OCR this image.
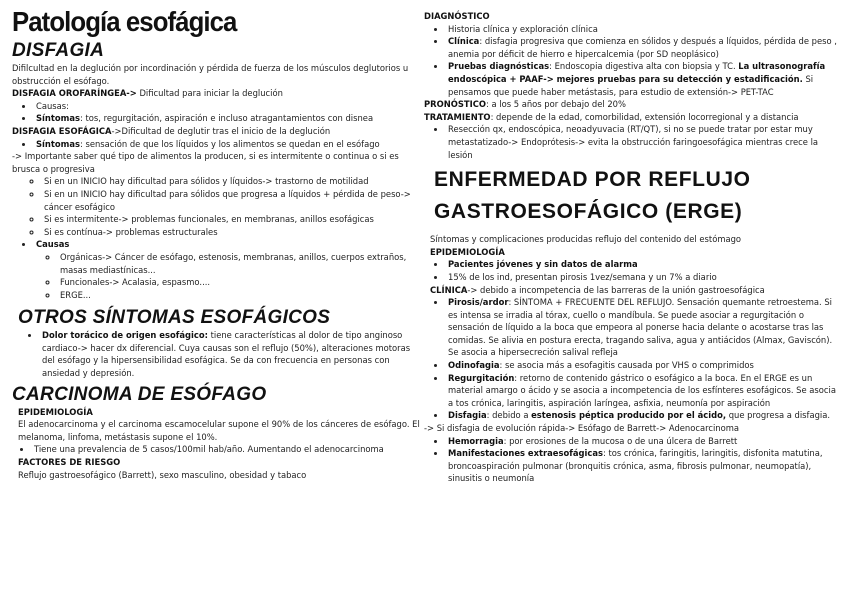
Patología esofágica
DISFAGIA

Difilcultad en la deglución por incordinación y pérdida de fuerza de los músculos deglutorios u obstrucción el esófago.

DISFAGIA OROFARÍNGEA-> Dificultad para iniciar la deglución

• Causas:
• Síntomas: tos, regurgitación, aspiración e incluso atragantamientos con disnea

DISFAGIA ESOFÁGICA->Dificultad de deglutir tras el inicio de la deglución

• Síntomas: sensación de que los líquidos y los alimentos se quedan en el esófago

-> Importante saber qué tipo de alimentos la producen, si es intermitente o continua o si es brusca o progresiva

◦ Si en un INICIO hay dificultad para sólidos y líquidos-> trastorno de motilidad
◦ Si en un INICIO hay dificultad para sólidos que progresa a líquidos + pérdida de peso-> cáncer esofágico
◦ Si es intermitente-> problemas funcionales, en membranas, anillos esofágicas
◦ Si es contínua-> problemas estructurales
• Causas
◦ Orgánicas-> Cáncer de esófago, estenosis, membranas, anillos, cuerpos extraños, masas mediastínicas...
◦ Funcionales-> Acalasia, espasmo....
◦ ERGE...
OTROS SÍNTOMAS ESOFÁGICOS
• Dolor torácico de origen esofágico: tiene características al dolor de tipo anginoso cardiaco-> hacer dx diferencial. Cuya causas son el reflujo (50%), alteraciones motoras del esófago y la hipersensibilidad esofágica. Se da con frecuencia en personas con ansiedad y depresión.
CARCINOMA DE ESÓFAGO

EPIDEMIOLOGÍA

El adenocarcinoma y el carcinoma escamocelular supone el 90% de los cánceres de esófago. El melanoma, linfoma, metástasis supone el 10%.

• Tiene una prevalencia de 5 casos/100mil hab/año. Aumentando el adenocarcinoma

FACTORES DE RIESGO

Reflujo gastroesofágico (Barrett), sexo masculino, obesidad y tabaco

DIAGNÓSTICO

• Historia clínica y exploración clínica
• Clínica: disfagia progresiva que comienza en sólidos y después a líquidos, pérdida de peso , anemia por déficit de hierro e hipercalcemia (por SD neoplásico)
• Pruebas diagnósticas: Endoscopia digestiva alta con biopsia y TC. La ultrasonografía endoscópica + PAAF-> mejores pruebas para su detección y estadificación. Si pensamos que puede haber metástasis, para estudio de extensión-> PET-TAC

PRONÓSTICO: a los 5 años por debajo del 20%

TRATAMIENTO: depende de la edad, comorbilidad, extensión locorregional y a distancia

• Resección qx, endoscópica, neoadyuvacia (RT/QT), si no se puede tratar por estar muy metastatizado-> Endoprótesis-> evita la obstrucción faringoesofágica mientras crece la lesión
ENFERMEDAD POR REFLUJO
GASTROESOFÁGICO (ERGE)

Síntomas y complicaciones producidas reflujo del contenido del estómago

EPIDEMIOLOGÍA

• Pacientes jóvenes y sin datos de alarma
• 15% de los ind, presentan pirosis 1vez/semana y un 7% a diario

CLÍNICA-> debido a incompetencia de las barreras de la unión gastroesofágica

• Pirosis/ardor: SÍNTOMA + FRECUENTE DEL REFLUJO. Sensación quemante retroestema. Si es intensa se irradia al tórax, cuello o mandíbula. Se puede asociar a regurgitación o sensación de líquido a la boca que empeora al ponerse hacia delante o acostarse tras las comidas. Se alivia en postura erecta, tragando saliva, agua y antiácidos (Almax, Gaviscón). Se asocia a hipersecreción salival refleja
• Odinofagia: se asocia más a esofagitis causada por VHS o comprimidos
• Regurgitación: retorno de contenido gástrico o esofágico a la boca. En el ERGE es un material amargo o ácido y se asocia a incompetencia de los esfínteres esofágicos. Se asocia a tos crónica, laringitis, aspiración laríngea, asfixia, neumonía por aspiración
• Disfagia: debido a estenosis péptica producido por el ácido, que progresa a disfagia.

-> Si disfagia de evolución rápida-> Esófago de Barrett-> Adenocarcinoma

• Hemorragia: por erosiones de la mucosa o de una úlcera de Barrett
• Manifestaciones extraesofágicas: tos crónica, faringitis, laringitis, disfonita matutina, broncoaspiración pulmonar (bronquitis crónica, asma, fibrosis pulmonar, neumopatía), sinusitis o neumonía
